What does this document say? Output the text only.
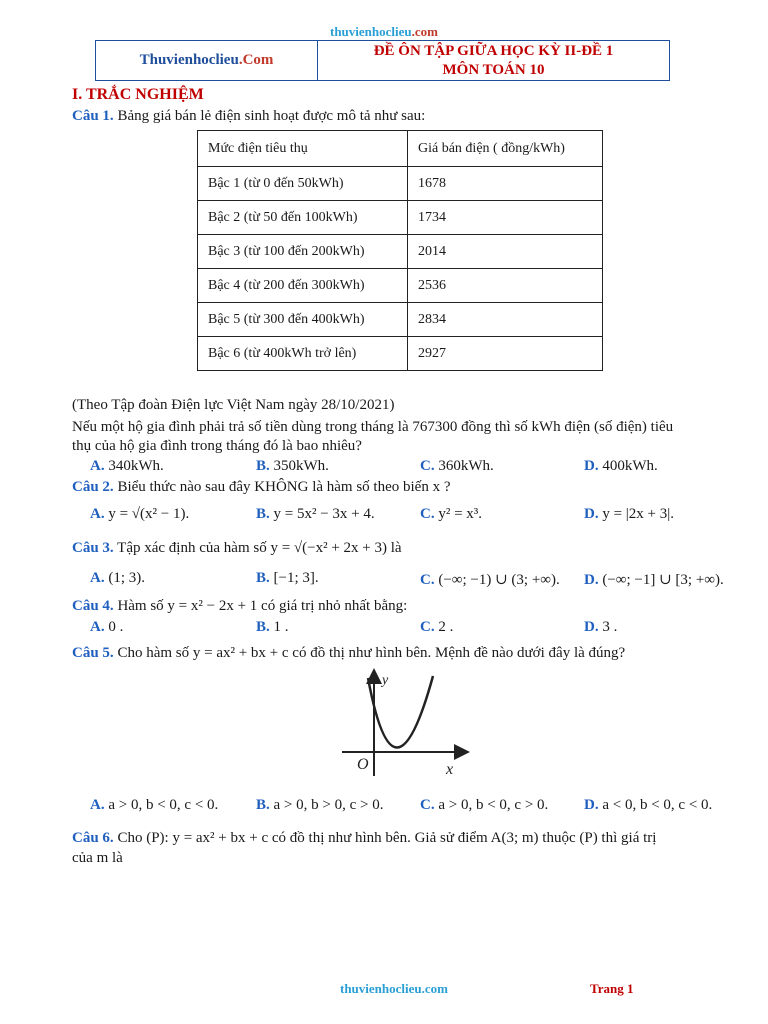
thuvienhoclieu.com
Thuvienhoclieu .Com
ĐỀ ÔN TẬP GIỮA HỌC KỲ II-ĐỀ 1
MÔN TOÁN 10
I. TRẮC NGHIỆM
Câu 1. Bảng giá bán lẻ điện sinh hoạt được mô tả như sau:
Mức điện tiêu thụ	Giá bán điện ( đồng/kWh)
Bậc 1 (từ 0 đến 50kWh)	1678
Bậc 2 (từ 50 đến 100kWh)	1734
Bậc 3 (từ 100 đến 200kWh)	2014
Bậc 4 (từ 200 đến 300kWh)	2536
Bậc 5 (từ 300 đến 400kWh)	2834
Bậc 6 (từ 400kWh trở lên)	2927
(Theo Tập đoàn Điện lực Việt Nam ngày 28/10/2021)
Nếu một hộ gia đình phải trả số tiền dùng trong tháng là 767300 đồng thì số kWh điện (số điện) tiêu
thụ của hộ gia đình trong tháng đó là bao nhiêu?
A. 340kWh.	B. 350kWh.	C. 360kWh.	D. 400kWh.
Câu 2. Biểu thức nào sau đây KHÔNG là hàm số theo biến x ?
A. y = √(x² − 1).	B. y = 5x² − 3x + 4.	C. y² = x³.	D. y = |2x + 3|.
Câu 3. Tập xác định của hàm số y = √(−x² + 2x + 3) là
A. (1; 3).	B. [−1; 3].	C. (−∞; −1) ∪ (3; +∞). D. (−∞; −1] ∪ [3; +∞).
Câu 4. Hàm số y = x² − 2x + 1 có giá trị nhỏ nhất bằng:
A. 0 .	B. 1 .	C. 2 .	D. 3 .
Câu 5. Cho hàm số y = ax² + bx + c có đồ thị như hình bên. Mệnh đề nào dưới đây là đúng?
y
x
O
A. a > 0, b < 0, c < 0.	B. a > 0, b > 0, c > 0. C. a > 0, b < 0, c > 0. D. a < 0, b < 0, c < 0.
Câu 6. Cho (P): y = ax² + bx + c có đồ thị như hình bên. Giả sử điểm A(3; m) thuộc (P) thì giá trị
của m là
thuvienhoclieu.com	Trang 1
